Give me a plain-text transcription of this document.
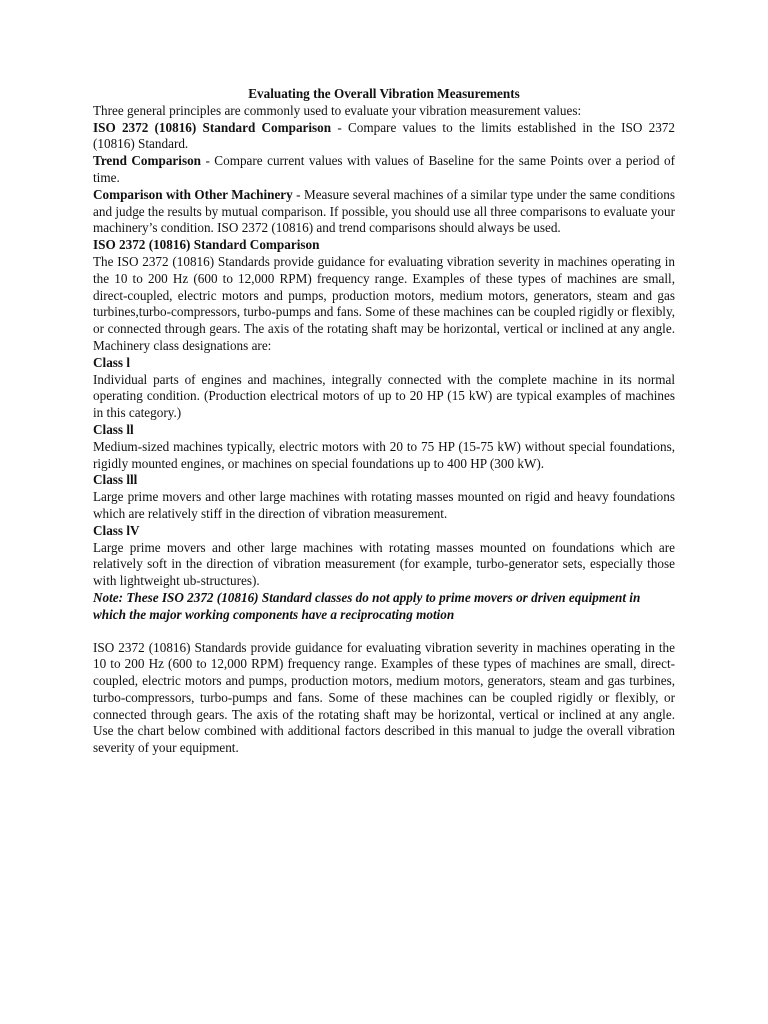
Evaluating the Overall Vibration Measurements

Three general principles are commonly used to evaluate your vibration measurement values:

ISO 2372 (10816) Standard Comparison - Compare values to the limits established in the ISO 2372 (10816) Standard.

Trend Comparison - Compare current values with values of Baseline for the same Points over a period of time.

Comparison with Other Machinery - Measure several machines of a similar type under the same conditions and judge the results by mutual comparison. If possible, you should use all three comparisons to evaluate your machinery’s condition. ISO 2372 (10816) and trend comparisons should always be used.

ISO 2372 (10816) Standard Comparison

The ISO 2372 (10816) Standards provide guidance for evaluating vibration severity in machines operating in the 10 to 200 Hz (600 to 12,000 RPM) frequency range. Examples of these types of machines are small, direct-coupled, electric motors and pumps, production motors, medium motors, generators, steam and gas turbines,turbo-compressors, turbo-pumps and fans. Some of these machines can be coupled rigidly or flexibly, or connected through gears. The axis of the rotating shaft may be horizontal, vertical or inclined at any angle. Machinery class designations are:

Class l

Individual parts of engines and machines, integrally connected with the complete machine in its normal operating condition. (Production electrical motors of up to 20 HP (15 kW) are typical examples of machines in this category.)

Class ll

Medium-sized machines typically, electric motors with 20 to 75 HP (15-75 kW) without special foundations, rigidly mounted engines, or machines on special foundations up to 400 HP (300 kW).

Class lll

Large prime movers and other large machines with rotating masses mounted on rigid and heavy foundations which are relatively stiff in the direction of vibration measurement.

Class lV

Large prime movers and other large machines with rotating masses mounted on foundations which are relatively soft in the direction of vibration measurement (for example, turbo-generator sets, especially those with lightweight ub-structures).

Note: These ISO 2372 (10816) Standard classes do not apply to prime movers or driven equipment in which the major working components have a reciprocating motion

ISO 2372 (10816) Standards provide guidance for evaluating vibration severity in machines operating in the 10 to 200 Hz (600 to 12,000 RPM) frequency range. Examples of these types of machines are small, direct-coupled, electric motors and pumps, production motors, medium motors, generators, steam and gas turbines, turbo-compressors, turbo-pumps and fans. Some of these machines can be coupled rigidly or flexibly, or connected through gears. The axis of the rotating shaft may be horizontal, vertical or inclined at any angle. Use the chart below combined with additional factors described in this manual to judge the overall vibration severity of your equipment.
